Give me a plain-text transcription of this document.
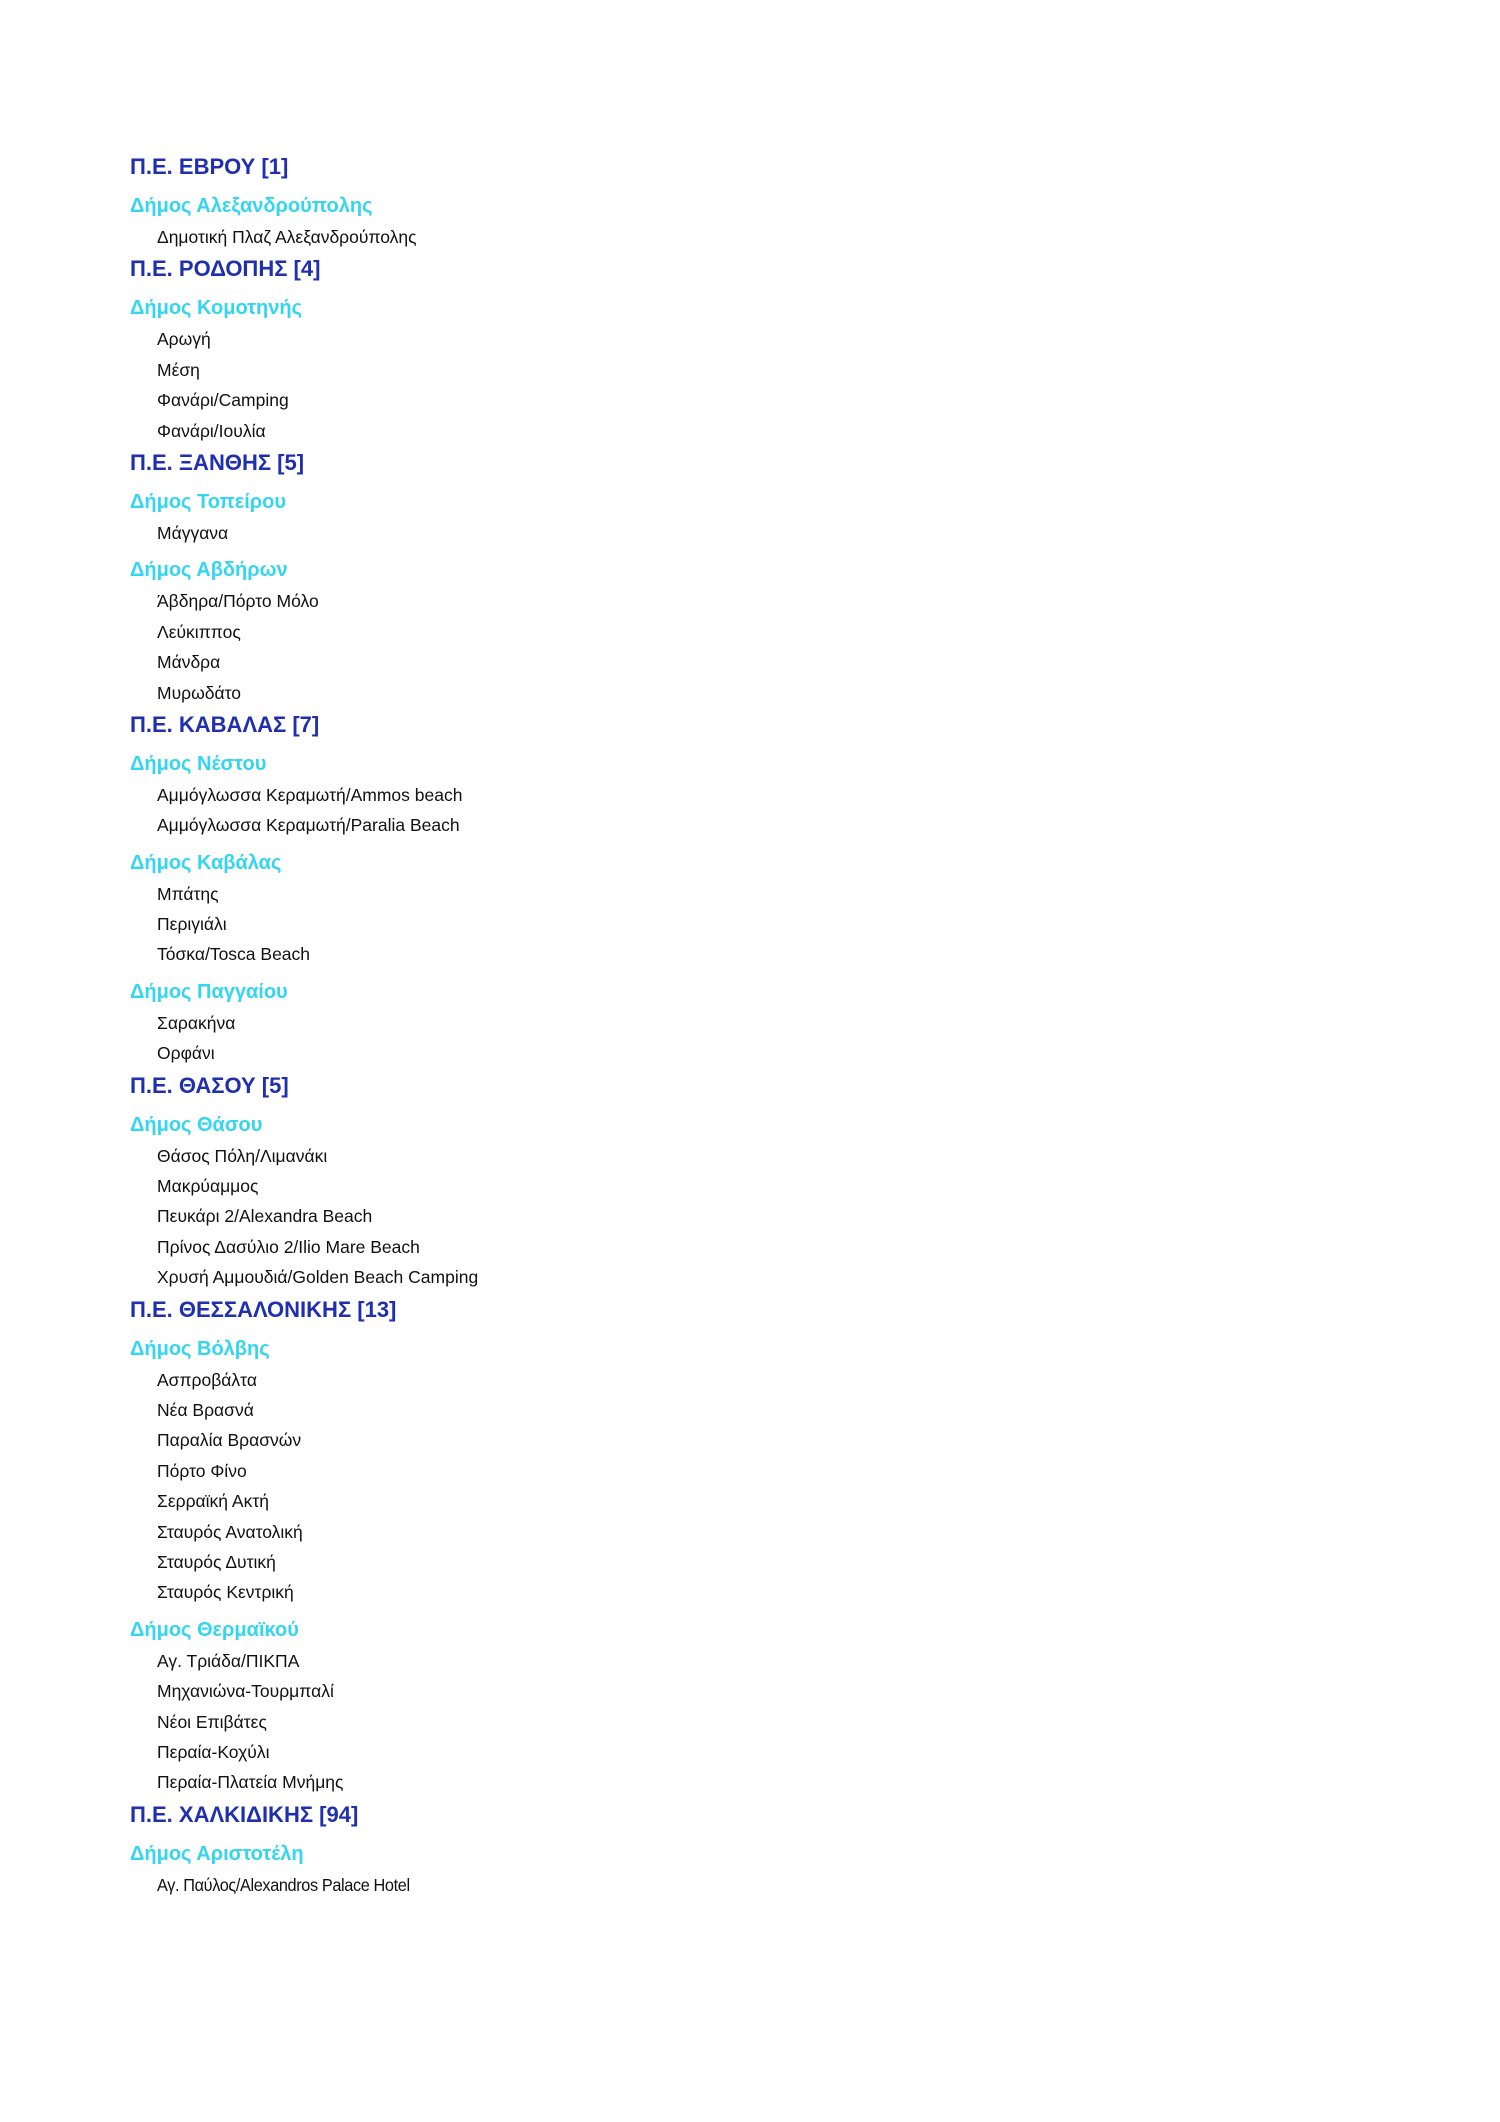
Π.Ε. ΕΒΡΟΥ [1]
Δήμος Αλεξανδρούπολης
Δημοτική Πλαζ Αλεξανδρούπολης
Π.Ε. ΡΟΔΟΠΗΣ [4]
Δήμος Κομοτηνής
Αρωγή
Μέση
Φανάρι/Camping
Φανάρι/Ιουλία
Π.Ε. ΞΑΝΘΗΣ [5]
Δήμος Τοπείρου
Μάγγανα
Δήμος Αβδήρων
Άβδηρα/Πόρτο Μόλο
Λεύκιππος
Μάνδρα
Μυρωδάτο
Π.Ε. ΚΑΒΑΛΑΣ [7]
Δήμος Νέστου
Αμμόγλωσσα Κεραμωτή/Ammos beach
Αμμόγλωσσα Κεραμωτή/Paralia Beach
Δήμος Καβάλας
Μπάτης
Περιγιάλι
Τόσκα/Tosca Beach
Δήμος Παγγαίου
Σαρακήνα
Ορφάνι
Π.Ε. ΘΑΣΟΥ [5]
Δήμος Θάσου
Θάσος Πόλη/Λιμανάκι
Μακρύαμμος
Πευκάρι 2/Alexandra Beach
Πρίνος Δασύλιο 2/Ilio Mare Beach
Χρυσή Αμμουδιά/Golden Beach Camping
Π.Ε. ΘΕΣΣΑΛΟΝΙΚΗΣ [13]
Δήμος Βόλβης
Ασπροβάλτα
Νέα Βρασνά
Παραλία Βρασνών
Πόρτο Φίνο
Σερραϊκή Ακτή
Σταυρός Ανατολική
Σταυρός Δυτική
Σταυρός Κεντρική
Δήμος Θερμαϊκού
Αγ. Τριάδα/ΠΙΚΠΑ
Μηχανιώνα-Τουρμπαλί
Νέοι Επιβάτες
Περαία-Κοχύλι
Περαία-Πλατεία Μνήμης
Π.Ε. ΧΑΛΚΙΔΙΚΗΣ [94]
Δήμος Αριστοτέλη
Αγ. Παύλος/Alexandros Palace Hotel
